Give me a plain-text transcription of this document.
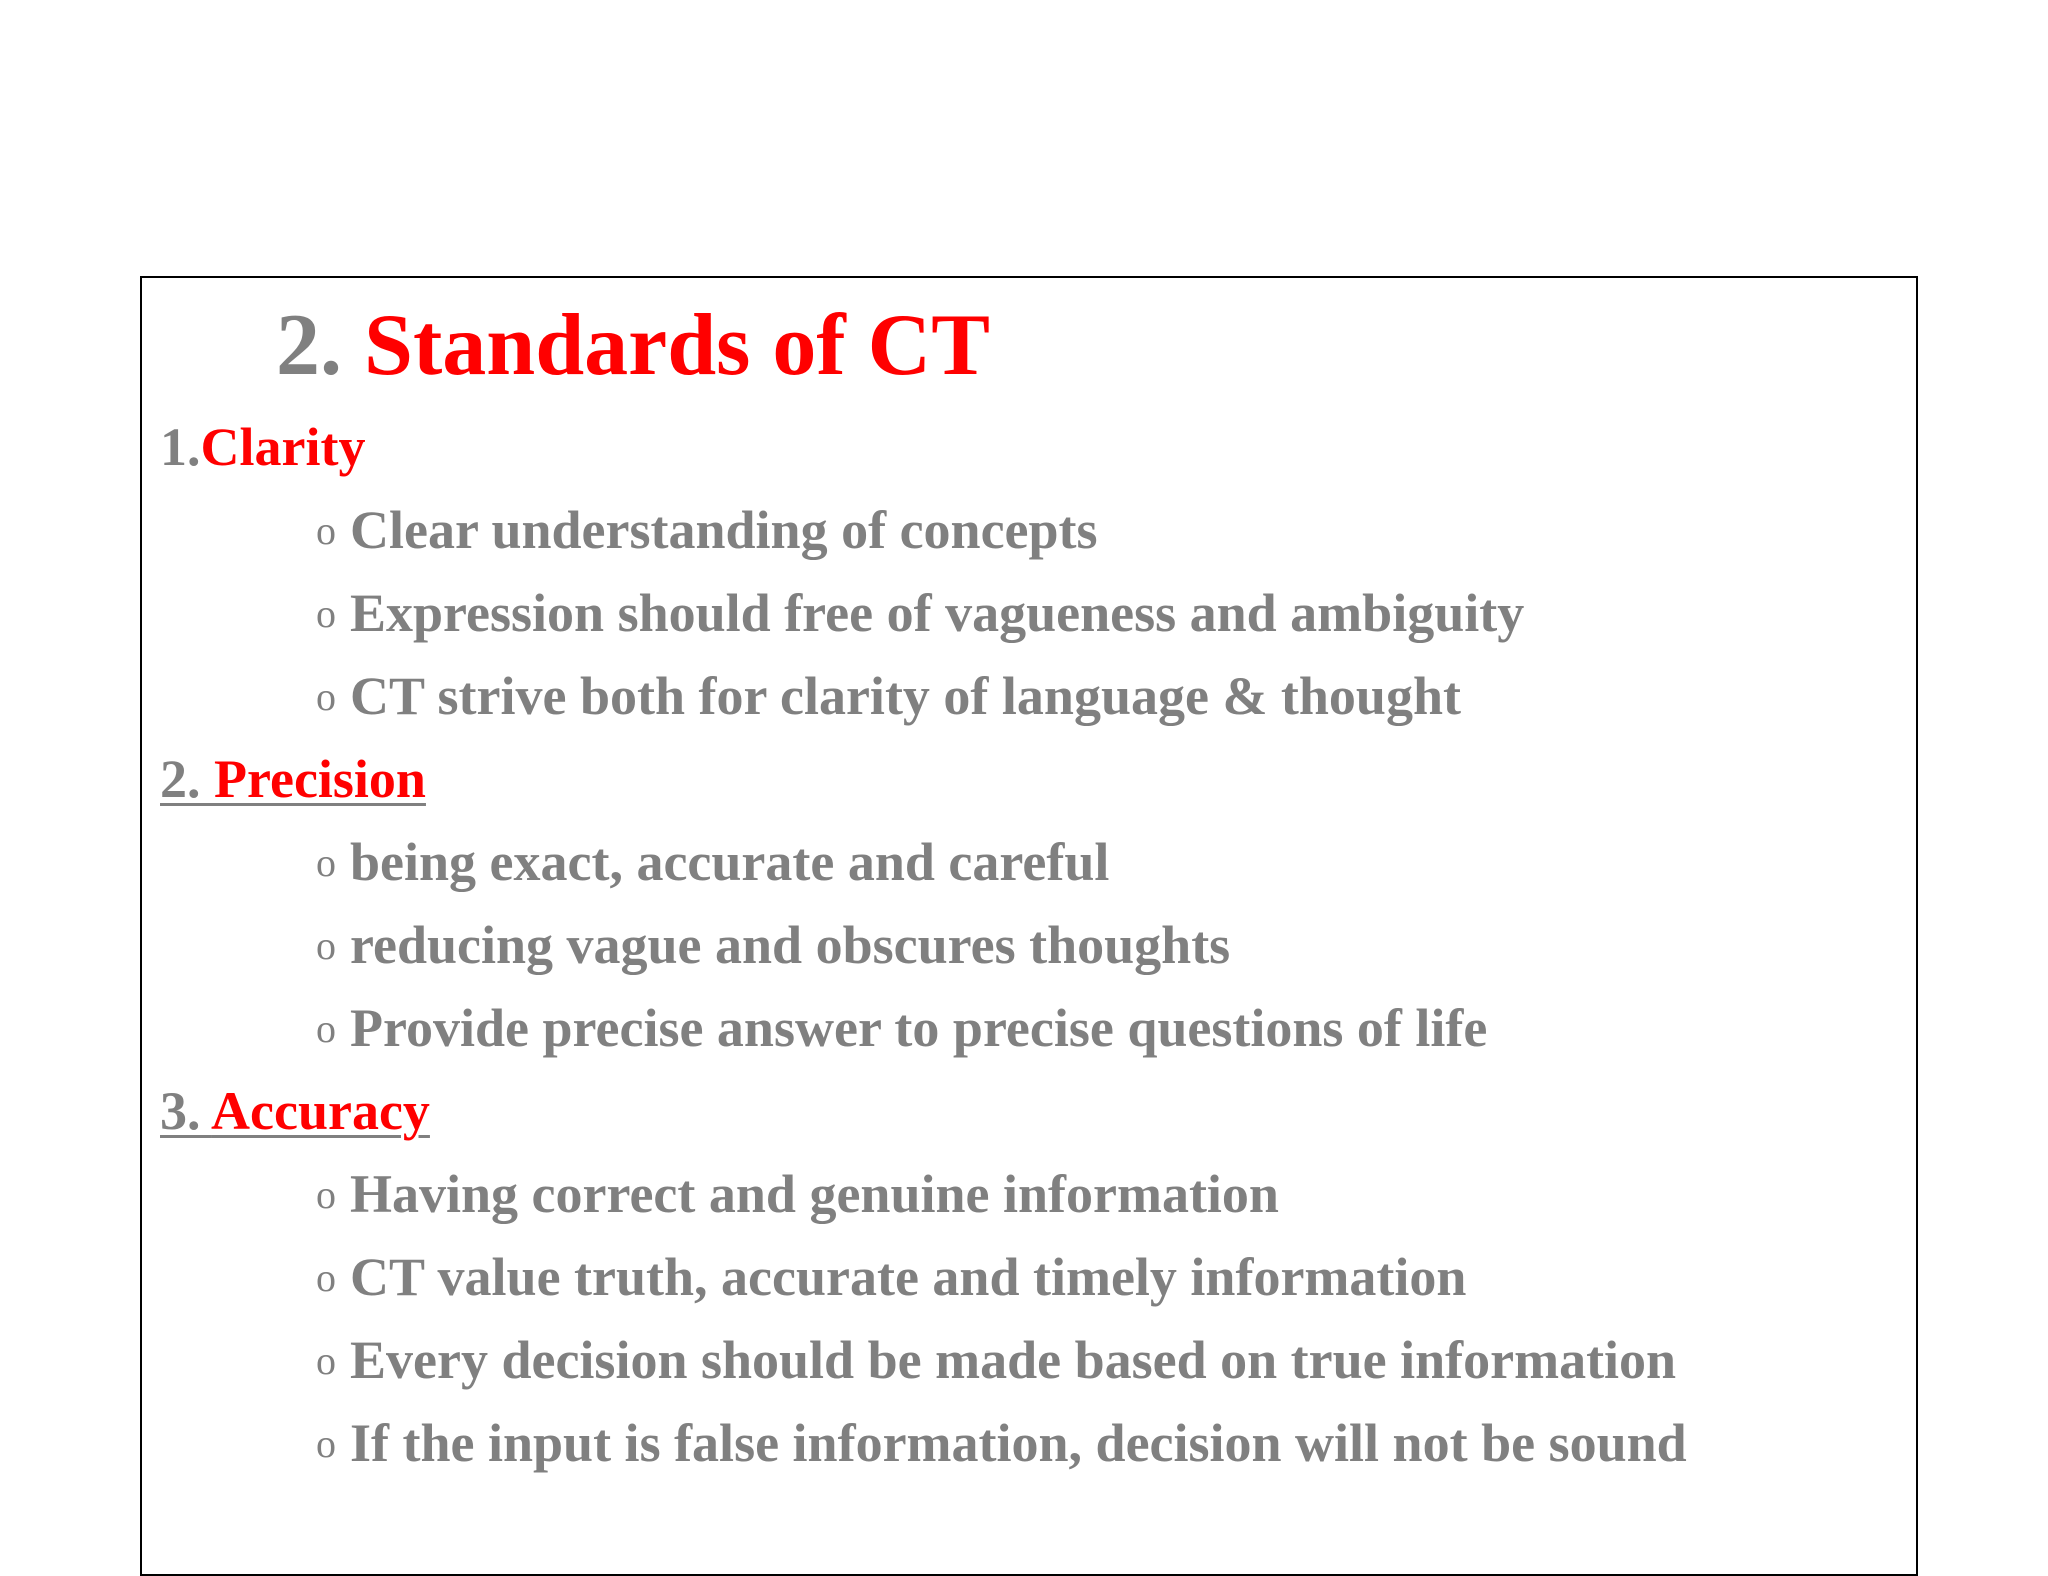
2. Standards of CT

1.Clarity

o Clear understanding of concepts

o Expression should free of vagueness and ambiguity

o CT strive both for clarity of language & thought

2. Precision

o being exact, accurate and careful

o reducing vague and obscures thoughts

o Provide precise answer to precise questions of life

3. Accuracy

o Having correct and genuine information

o CT value truth, accurate and timely information

o Every decision should be made based on true information

o If the input is false information, decision will not be sound
